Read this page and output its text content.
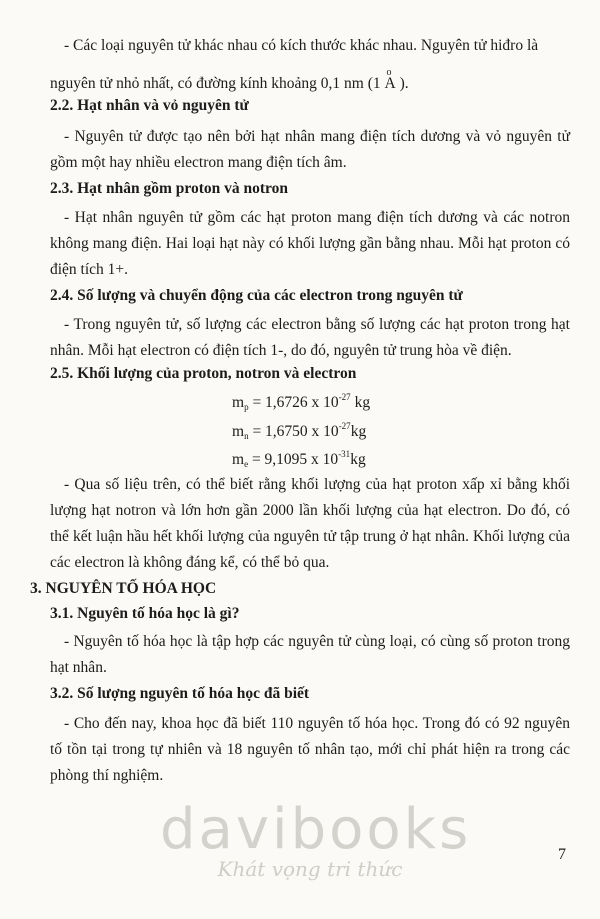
- Các loại nguyên tử khác nhau có kích thước khác nhau. Nguyên tử hiđro là

nguyên tử nhỏ nhất, có đường kính khoảng 0,1 nm (1
o
A ).

2.2. Hạt nhân và vỏ nguyên tử

- Nguyên tử được tạo nên bởi hạt nhân mang điện tích dương và vỏ nguyên tử gồm một hay nhiều electron mang điện tích âm.

2.3. Hạt nhân gồm proton và notron

- Hạt nhân nguyên tử gồm các hạt proton mang điện tích dương và các notron không mang điện. Hai loại hạt này có khối lượng gần bằng nhau. Mỗi hạt proton có điện tích 1+.

2.4. Số lượng và chuyển động của các electron trong nguyên tử

- Trong nguyên tử, số lượng các electron bằng số lượng các hạt proton trong hạt nhân. Mỗi hạt electron có điện tích 1-, do đó, nguyên tử trung hòa về điện.

2.5. Khối lượng của proton, notron và electron
$m_p = 1,6726$ x $10^{-27}$ kg
$m_n = 1,6750$ x $10^{-27}kg$
$m_e = 9,1095$ x $10^{-31}kg$

- Qua số liệu trên, có thể biết rằng khối lượng của hạt proton xấp xỉ bằng khối lượng hạt notron và lớn hơn gần 2000 lần khối lượng của hạt electron. Do đó, có thể kết luận hầu hết khối lượng của nguyên tử tập trung ở hạt nhân. Khối lượng của các electron là không đáng kể, có thể bỏ qua.

3. NGUYÊN TỐ HÓA HỌC
3.1. Nguyên tố hóa học là gì?

- Nguyên tố hóa học là tập hợp các nguyên tử cùng loại, có cùng số proton trong hạt nhân.

3.2. Số lượng nguyên tố hóa học đã biết

- Cho đến nay, khoa học đã biết 110 nguyên tố hóa học. Trong đó có 92 nguyên tố tồn tại trong tự nhiên và 18 nguyên tố nhân tạo, mới chỉ phát hiện ra trong các phòng thí nghiệm.

davibooks
Khát vọng tri thức
7
